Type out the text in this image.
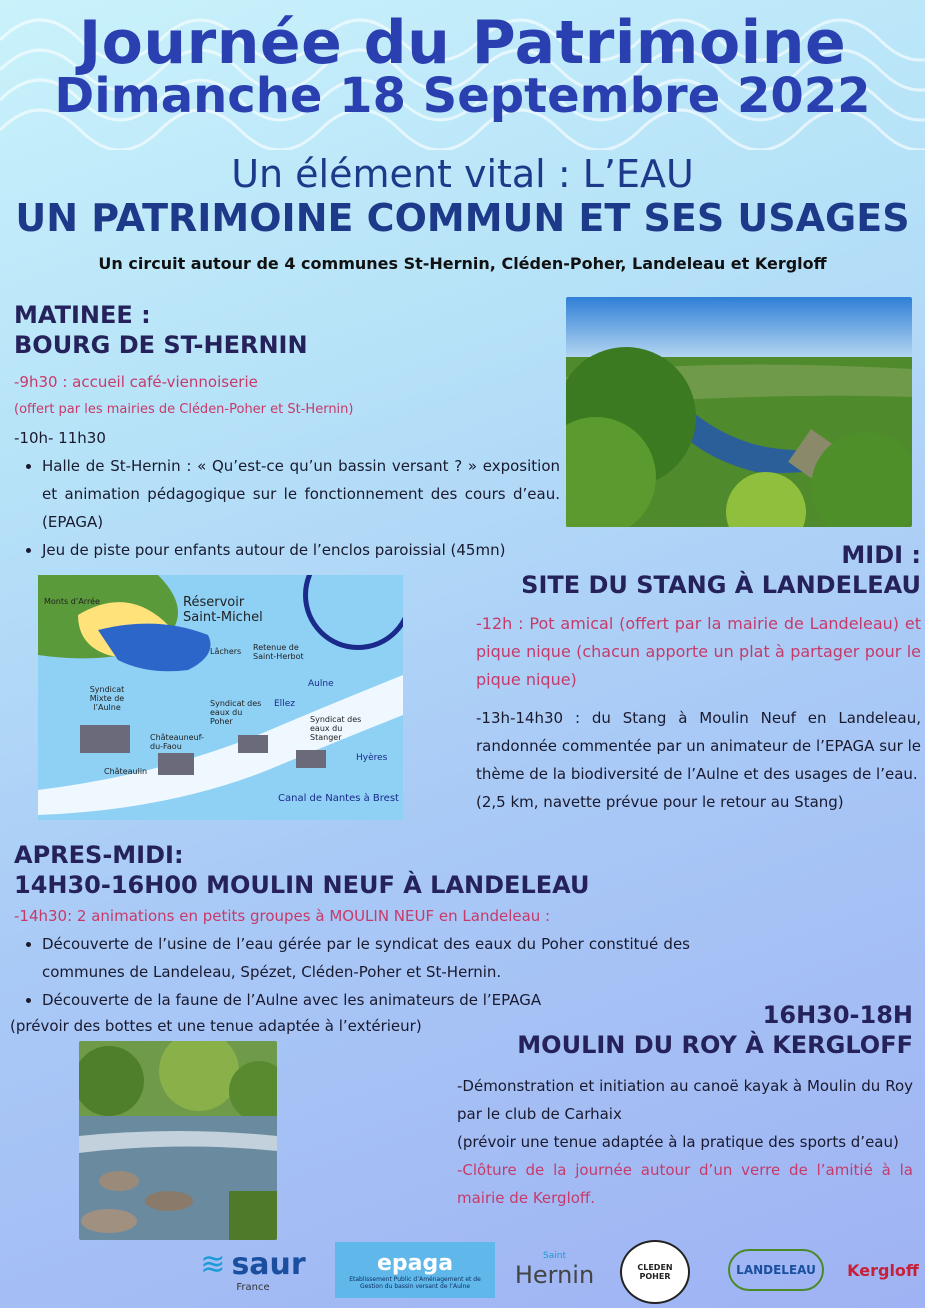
Journée du Patrimoine
Dimanche 18 Septembre 2022
Un élément vital : L’EAU
UN PATRIMOINE COMMUN ET SES USAGES
Un circuit autour de 4 communes St-Hernin, Cléden-Poher, Landeleau et Kergloff
MATINEE :
BOURG DE ST-HERNIN
-9h30 : accueil café-viennoiserie
(offert par les mairies de Cléden-Poher et St-Hernin)
-10h- 11h30
• Halle de St-Hernin : « Qu’est-ce qu’un bassin versant ? » exposition et animation pédagogique sur le fonctionnement des cours d’eau. (EPAGA)
• Jeu de piste pour enfants autour de l’enclos paroissial (45mn)	MIDI :
SITE DU STANG À LANDELEAU
-12h : Pot amical (offert par la mairie de Landeleau) et pique nique (chacun apporte un plat à partager pour le pique nique)
-13h-14h30 : du Stang à Moulin Neuf en Landeleau, randonnée commentée par un animateur de l’EPAGA sur le thème de la biodiversité de l’Aulne et des usages de l’eau.
(2,5 km, navette prévue pour le retour au Stang)
Monts d’Arrée	Réservoir Saint-Michel
Lâchers Retenue de Saint-Herbot
Syndicat Mixte de l’Aulne
Châteauneuf-du-Faou
Syndicat des eaux du Poher	Syndicat des eaux du Stanger
Châteaulin
Ellez
Aulne
Hyères
Canal de Nantes à Brest
APRES-MIDI:
14H30-16H00 MOULIN NEUF À LANDELEAU
-14h30: 2 animations en petits groupes à MOULIN NEUF en Landeleau :
• Découverte de l’usine de l’eau gérée par le syndicat des eaux du Poher constitué des communes de Landeleau, Spézet, Cléden-Poher et St-Hernin.
• Découverte de la faune de l’Aulne avec les animateurs de l’EPAGA
(prévoir des bottes et une tenue adaptée à l’extérieur)	16H30-18H
MOULIN DU ROY À KERGLOFF
-Démonstration et initiation au canoë kayak à Moulin du Roy par le club de Carhaix
(prévoir une tenue adaptée à la pratique des sports d’eau)
-Clôture de la journée autour d’un verre de l’amitié à la mairie de Kergloff.
≋ saur
France
epaga
Etablissement Public d’Aménagement et de Gestion du bassin versant de l’Aulne
Saint
Hernin	CLEDEN POHER	LANDELEAU	Kergloff
